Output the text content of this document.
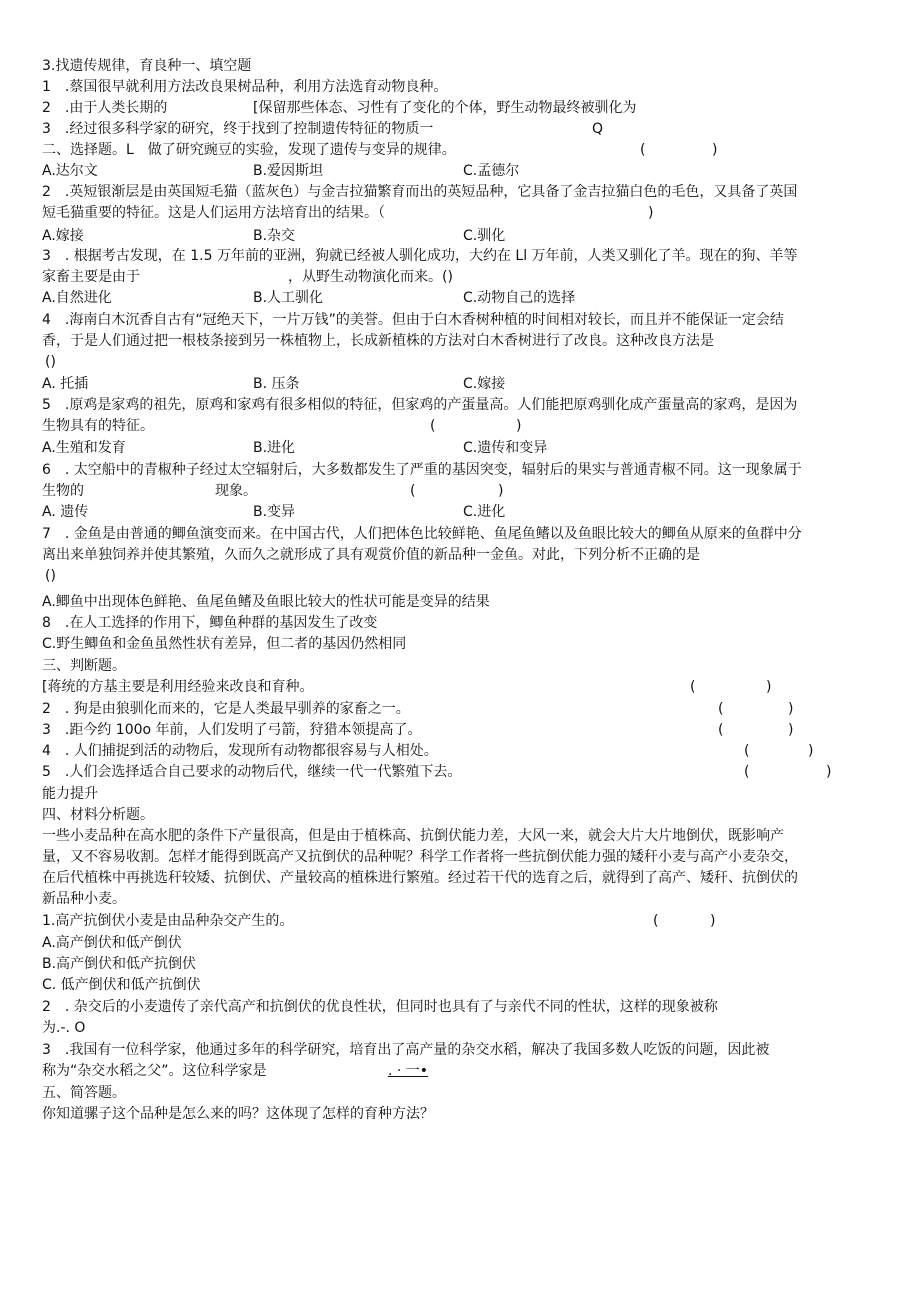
3.找遗传规律，育良种一、填空题
1　.蔡国很早就利用方法改良果树品种，利用方法选育动物良种。
2　.由于人类长期的	[保留那些体态、习性有了变化的个体，野生动物最终被驯化为
3　.经过很多科学家的研究，终于找到了控制遗传特征的物质一	Q
二、选择题。L　做了研究豌豆的实验，发现了遗传与变异的规律。	(	)
A.达尔文	B.爱因斯坦	C.孟德尔
2　.英短银渐层是由英国短毛猫（蓝灰色）与金吉拉猫繁育而出的英短品种，它具备了金吉拉猫白色的毛色，又具备了英国
短毛猫重要的特征。这是人们运用方法培育出的结果。（	)
A.嫁接	B.杂交	C.驯化
3　. 根据考古发现，在 1.5 万年前的亚洲，狗就已经被人驯化成功，大约在 Ll 万年前，人类又驯化了羊。现在的狗、羊等
家畜主要是由于	，从野生动物演化而来。()
A.自然进化	B.人工驯化	C.动物自己的选择
4　.海南白木沉香自古有“冠绝天下，一片万钱”的美誉。但由于白木香树种植的时间相对较长，而且并不能保证一定会结
香，于是人们通过把一根枝条接到另一株植物上，长成新植株的方法对白木香树进行了改良。这种改良方法是
()
A. 托插	B. 压条	C.嫁接
5　.原鸡是家鸡的祖先，原鸡和家鸡有很多相似的特征，但家鸡的产蛋量高。人们能把原鸡驯化成产蛋量高的家鸡，是因为
生物具有的特征。	(	)
A.生殖和发育	B.进化	C.遗传和变异
6　. 太空船中的青椒种子经过太空辐射后，大多数都发生了严重的基因突变，辐射后的果实与普通青椒不同。这一现象属于
生物的	现象。	(	)
A. 遗传	B.变异	C.进化
7　. 金鱼是由普通的鲫鱼演变而来。在中国古代，人们把体色比较鲜艳、鱼尾鱼鳍以及鱼眼比较大的鲫鱼从原来的鱼群中分
离出来单独饲养并使其繁殖，久而久之就形成了具有观赏价值的新品种一金鱼。对此，下列分析不正确的是
()
A.鲫鱼中出现体色鲜艳、鱼尾鱼鳍及鱼眼比较大的性状可能是变异的结果
8　.在人工选择的作用下，鲫鱼种群的基因发生了改变
C.野生鲫鱼和金鱼虽然性状有差异，但二者的基因仍然相同
三、判断题。
[蒋统的方基主要是利用经验来改良和育种。	(	)
2　. 狗是由狼驯化而来的，它是人类最早驯养的家畜之一。	(	)
3　.距今约 100o 年前，人们发明了弓箭，狩猎本领提高了。	(	)
4　. 人们捕捉到活的动物后，发现所有动物都很容易与人相处。	(	)
5　.人们会选择适合自己要求的动物后代，继续一代一代繁殖下去。	(	)
能力提升
四、材料分析题。
一些小麦品种在高水肥的条件下产量很高，但是由于植株高、抗倒伏能力差，大风一来，就会大片大片地倒伏，既影响产
量，又不容易收割。怎样才能得到既高产又抗倒伏的品种呢？科学工作者将一些抗倒伏能力强的矮秆小麦与高产小麦杂交，
在后代植株中再挑选秆较矮、抗倒伏、产量较高的植株进行繁殖。经过若干代的选育之后，就得到了高产、矮秆、抗倒伏的
新品种小麦。
1.高产抗倒伏小麦是由品种杂交产生的。	(	)
A.高产倒伏和低产倒伏
B.高产倒伏和低产抗倒伏
C. 低产倒伏和低产抗倒伏
2　. 杂交后的小麦遗传了亲代高产和抗倒伏的优良性状，但同时也具有了与亲代不同的性状，这样的现象被称
为.-. O
3　.我国有一位科学家，他通过多年的科学研究，培育出了高产量的杂交水稻，解决了我国多数人吃饭的问题，因此被
称为“杂交水稻之父”。这位科学家是	. · 一•
五、简答题。
你知道骡子这个品种是怎么来的吗？这体现了怎样的育种方法？
